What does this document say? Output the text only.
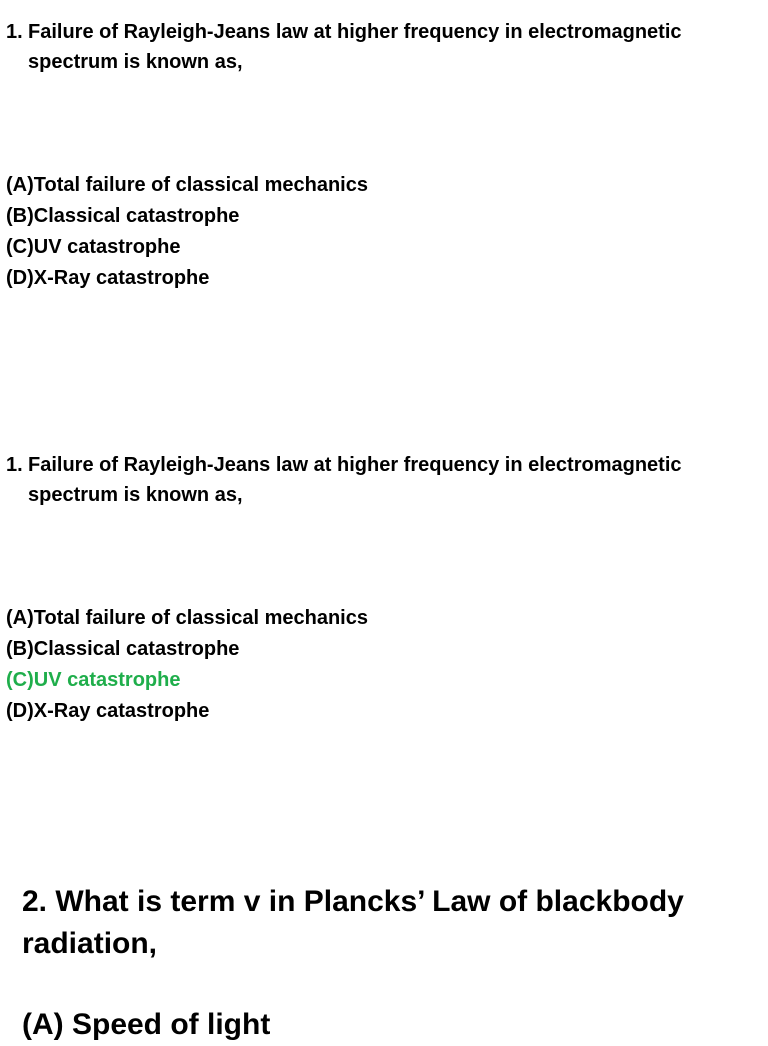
1. Failure of Rayleigh-Jeans law at higher frequency in electromagnetic spectrum is known as,
(A)Total failure of classical mechanics
(B)Classical catastrophe
(C)UV catastrophe
(D)X-Ray catastrophe
1. Failure of Rayleigh-Jeans law at higher frequency in electromagnetic spectrum is known as,
(A)Total failure of classical mechanics
(B)Classical catastrophe
(C)UV catastrophe
(D)X-Ray catastrophe
2. What is term v in Plancks’ Law of blackbody radiation,
(A) Speed of light
